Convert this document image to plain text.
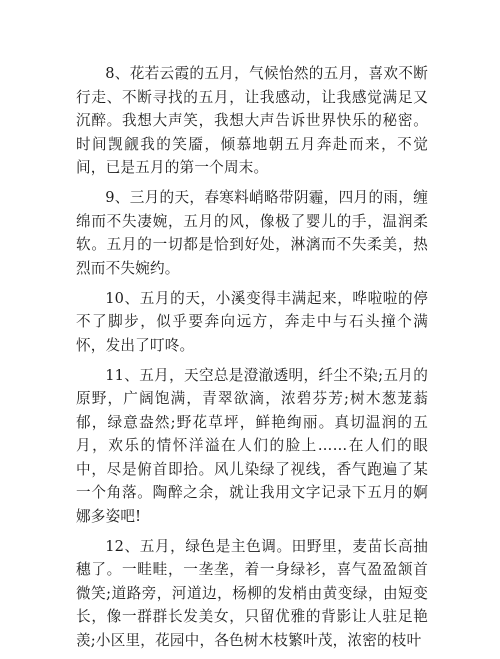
8、花若云霞的五月，气候怡然的五月，喜欢不断行走、不断寻找的五月，让我感动，让我感觉满足又沉醉。我想大声笑，我想大声告诉世界快乐的秘密。时间觊觎我的笑靥，倾慕地朝五月奔赴而来，不觉间，已是五月的第一个周末。

9、三月的天，春寒料峭略带阴霾，四月的雨，缠绵而不失凄婉，五月的风，像极了婴儿的手，温润柔软。五月的一切都是恰到好处，淋漓而不失柔美，热烈而不失婉约。

10、五月的天，小溪变得丰满起来，哗啦啦的停不了脚步，似乎要奔向远方，奔走中与石头撞个满怀，发出了叮咚。

11、五月，天空总是澄澈透明，纤尘不染;五月的原野，广阔饱满，青翠欲滴，浓碧芬芳;树木葱茏蓊郁，绿意盎然;野花草坪，鲜艳绚丽。真切温润的五月，欢乐的情怀洋溢在人们的脸上……在人们的眼中，尽是俯首即拾。风儿染绿了视线，香气跑遍了某一个角落。陶醉之余，就让我用文字记录下五月的婀娜多姿吧!

12、五月，绿色是主色调。田野里，麦苗长高抽穗了。一畦畦，一垄垄，着一身绿衫，喜气盈盈颔首微笑;道路旁，河道边，杨柳的发梢由黄变绿，由短变长，像一群群长发美女，只留优雅的背影让人驻足艳羡;小区里，花园中，各色树木枝繁叶茂，浓密的枝叶
